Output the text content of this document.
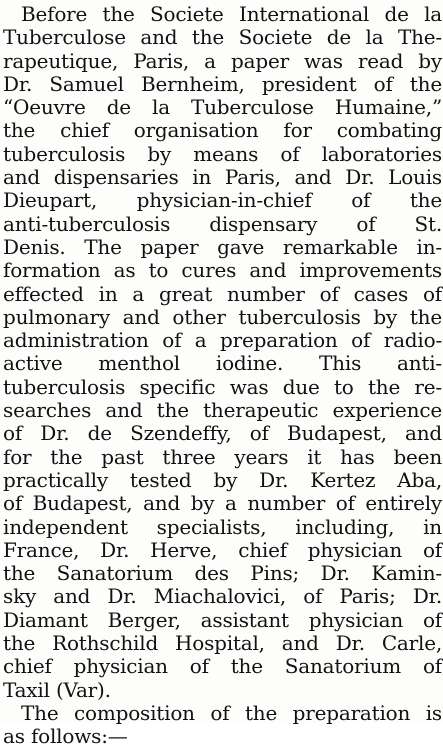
Before the Societe International de la
Tuberculose and the Societe de la The-
rapeutique, Paris, a paper was read by
Dr. Samuel Bernheim, president of the
“Oeuvre de la Tuberculose Humaine,”
the chief organisation for combating
tuberculosis by means of laboratories
and dispensaries in Paris, and Dr. Louis
Dieupart, physician-in-chief of the
anti-tuberculosis dispensary of St.
Denis. The paper gave remarkable in-
formation as to cures and improvements
effected in a great number of cases of
pulmonary and other tuberculosis by the
administration of a preparation of radio-
active menthol iodine. This anti-
tuberculosis specific was due to the re-
searches and the therapeutic experience
of Dr. de Szendeffy, of Budapest, and
for the past three years it has been
practically tested by Dr. Kertez Aba,
of Budapest, and by a number of entirely
independent specialists, including, in
France, Dr. Herve, chief physician of
the Sanatorium des Pins; Dr. Kamin-
sky and Dr. Miachalovici, of Paris; Dr.
Diamant Berger, assistant physician of
the Rothschild Hospital, and Dr. Carle,
chief physician of the Sanatorium of
Taxil (Var).
The composition of the preparation is
as follows:—
